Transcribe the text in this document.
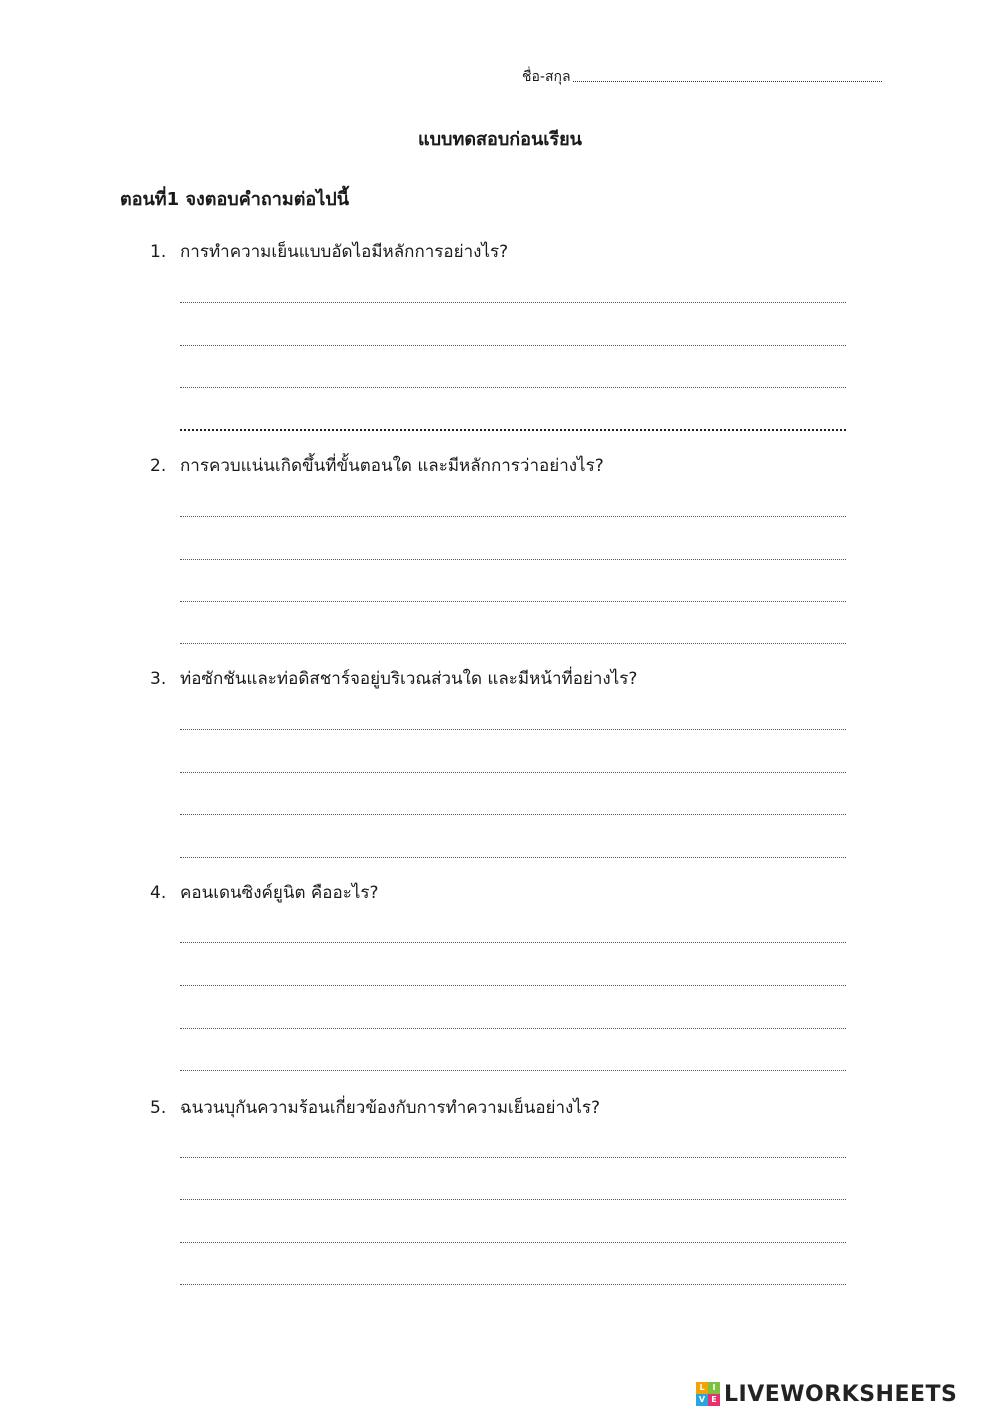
ชื่อ-สกุล
แบบทดสอบก่อนเรียน
ตอนที่1 จงตอบคำถามต่อไปนี้
1. การทำความเย็นแบบอัดไอมีหลักการอย่างไร?
2. การควบแน่นเกิดขึ้นที่ขั้นตอนใด และมีหลักการว่าอย่างไร?
3. ท่อซักชันและท่อดิสชาร์จอยู่บริเวณส่วนใด และมีหน้าที่อย่างไร?
4. คอนเดนซิงค์ยูนิต คืออะไร?
5. ฉนวนบุกันความร้อนเกี่ยวข้องกับการทำความเย็นอย่างไร?
L I
V E LIVEWORKSHEETS
